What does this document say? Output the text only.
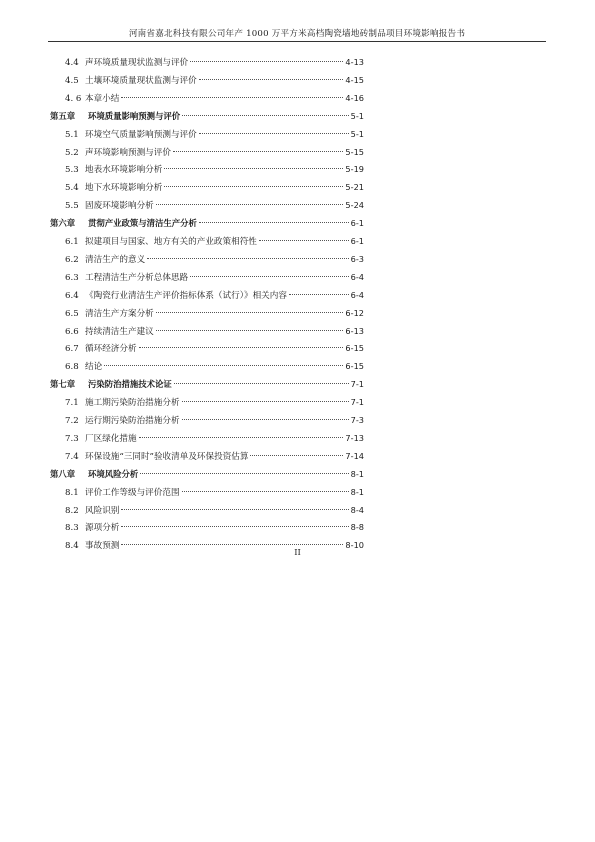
河南省嘉北科技有限公司年产 1000 万平方米高档陶瓷墙地砖制品项目环境影响报告书
4.4 声环境质量现状监测与评价	4-13
4.5 土壤环境质量现状监测与评价	4-15
4. 6 本章小结	4-16
第五章	环境质量影响预测与评价	5-1
5.1 环境空气质量影响预测与评价	5-1
5.2 声环境影响预测与评价	5-15
5.3 地表水环境影响分析	5-19
5.4 地下水环境影响分析	5-21
5.5 固废环境影响分析	5-24
第六章	贯彻产业政策与清洁生产分析	6-1
6.1 拟建项目与国家、地方有关的产业政策相符性	6-1
6.2 清洁生产的意义	6-3
6.3 工程清洁生产分析总体思路	6-4
6.4 《陶瓷行业清洁生产评价指标体系（试行）》相关内容	6-4
6.5 清洁生产方案分析	6-12
6.6 持续清洁生产建议	6-13
6.7 循环经济分析	6-15
6.8 结论	6-15
第七章	污染防治措施技术论证	7-1
7.1 施工期污染防治措施分析	7-1
7.2 运行期污染防治措施分析	7-3
7.3 厂区绿化措施	7-13
7.4 环保设施“三同时”验收清单及环保投资估算	7-14
第八章	环境风险分析	8-1
8.1 评价工作等级与评价范围	8-1
8.2 风险识别	8-4
8.3 源项分析	8-8
8.4 事故预测	8-10
II
